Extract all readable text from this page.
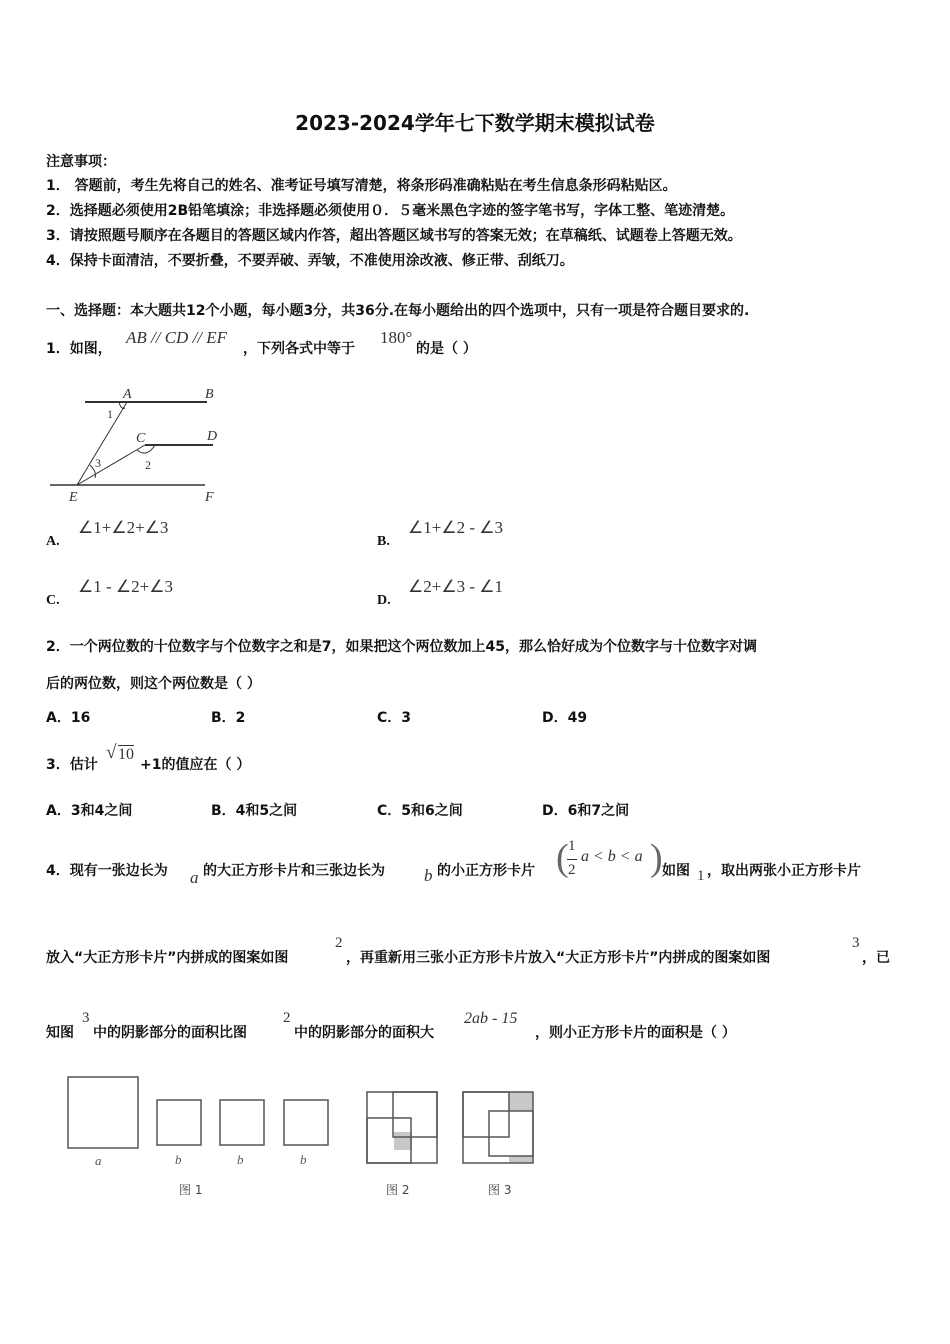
2023-2024学年七下数学期末模拟试卷
注意事项：
1． 答题前，考生先将自己的姓名、准考证号填写清楚，将条形码准确粘贴在考生信息条形码粘贴区。
2．选择题必须使用2B铅笔填涂；非选择题必须使用０．５毫米黑色字迹的签字笔书写，字体工整、笔迹清楚。
3．请按照题号顺序在各题目的答题区域内作答，超出答题区域书写的答案无效；在草稿纸、试题卷上答题无效。
4．保持卡面清洁，不要折叠，不要弄破、弄皱，不准使用涂改液、修正带、刮纸刀。
一、选择题：本大题共12个小题，每小题3分，共36分.在每小题给出的四个选项中，只有一项是符合题目要求的.
1．如图，
AB // CD // EF
，下列各式中等于
180°
的是（ ）
A	B
C	D
E	F
1
2
3
A.
∠1+∠2+∠3
B.
∠1+∠2 - ∠3
C.
∠1 - ∠2+∠3
D.
∠2+∠3 - ∠1
2．一个两位数的十位数字与个位数字之和是7，如果把这个两位数加上45，那么恰好成为个位数字与十位数字对调
后的两位数，则这个两位数是（ ）
A．16	B．2	C．3	D．49
3．估计
√ 10
+1的值应在（ ）
A．3和4之间	B．4和5之间	C．5和6之间	D．6和7之间
4．现有一张边长为 a 的大正方形卡片和三张边长为 b 的小正方形卡片 ( 1
2
a < b < a ) 如图 1 ，取出两张小正方形卡片
放入“大正方形卡片”内拼成的图案如图
2
，再重新用三张小正方形卡片放入“大正方形卡片”内拼成的图案如图
3
，已
知图
3
中的阴影部分的面积比图
2
中的阴影部分的面积大
2ab - 15
，则小正方形卡片的面积是（ ）
a	b	b	b
图 1	图 2	图 3
